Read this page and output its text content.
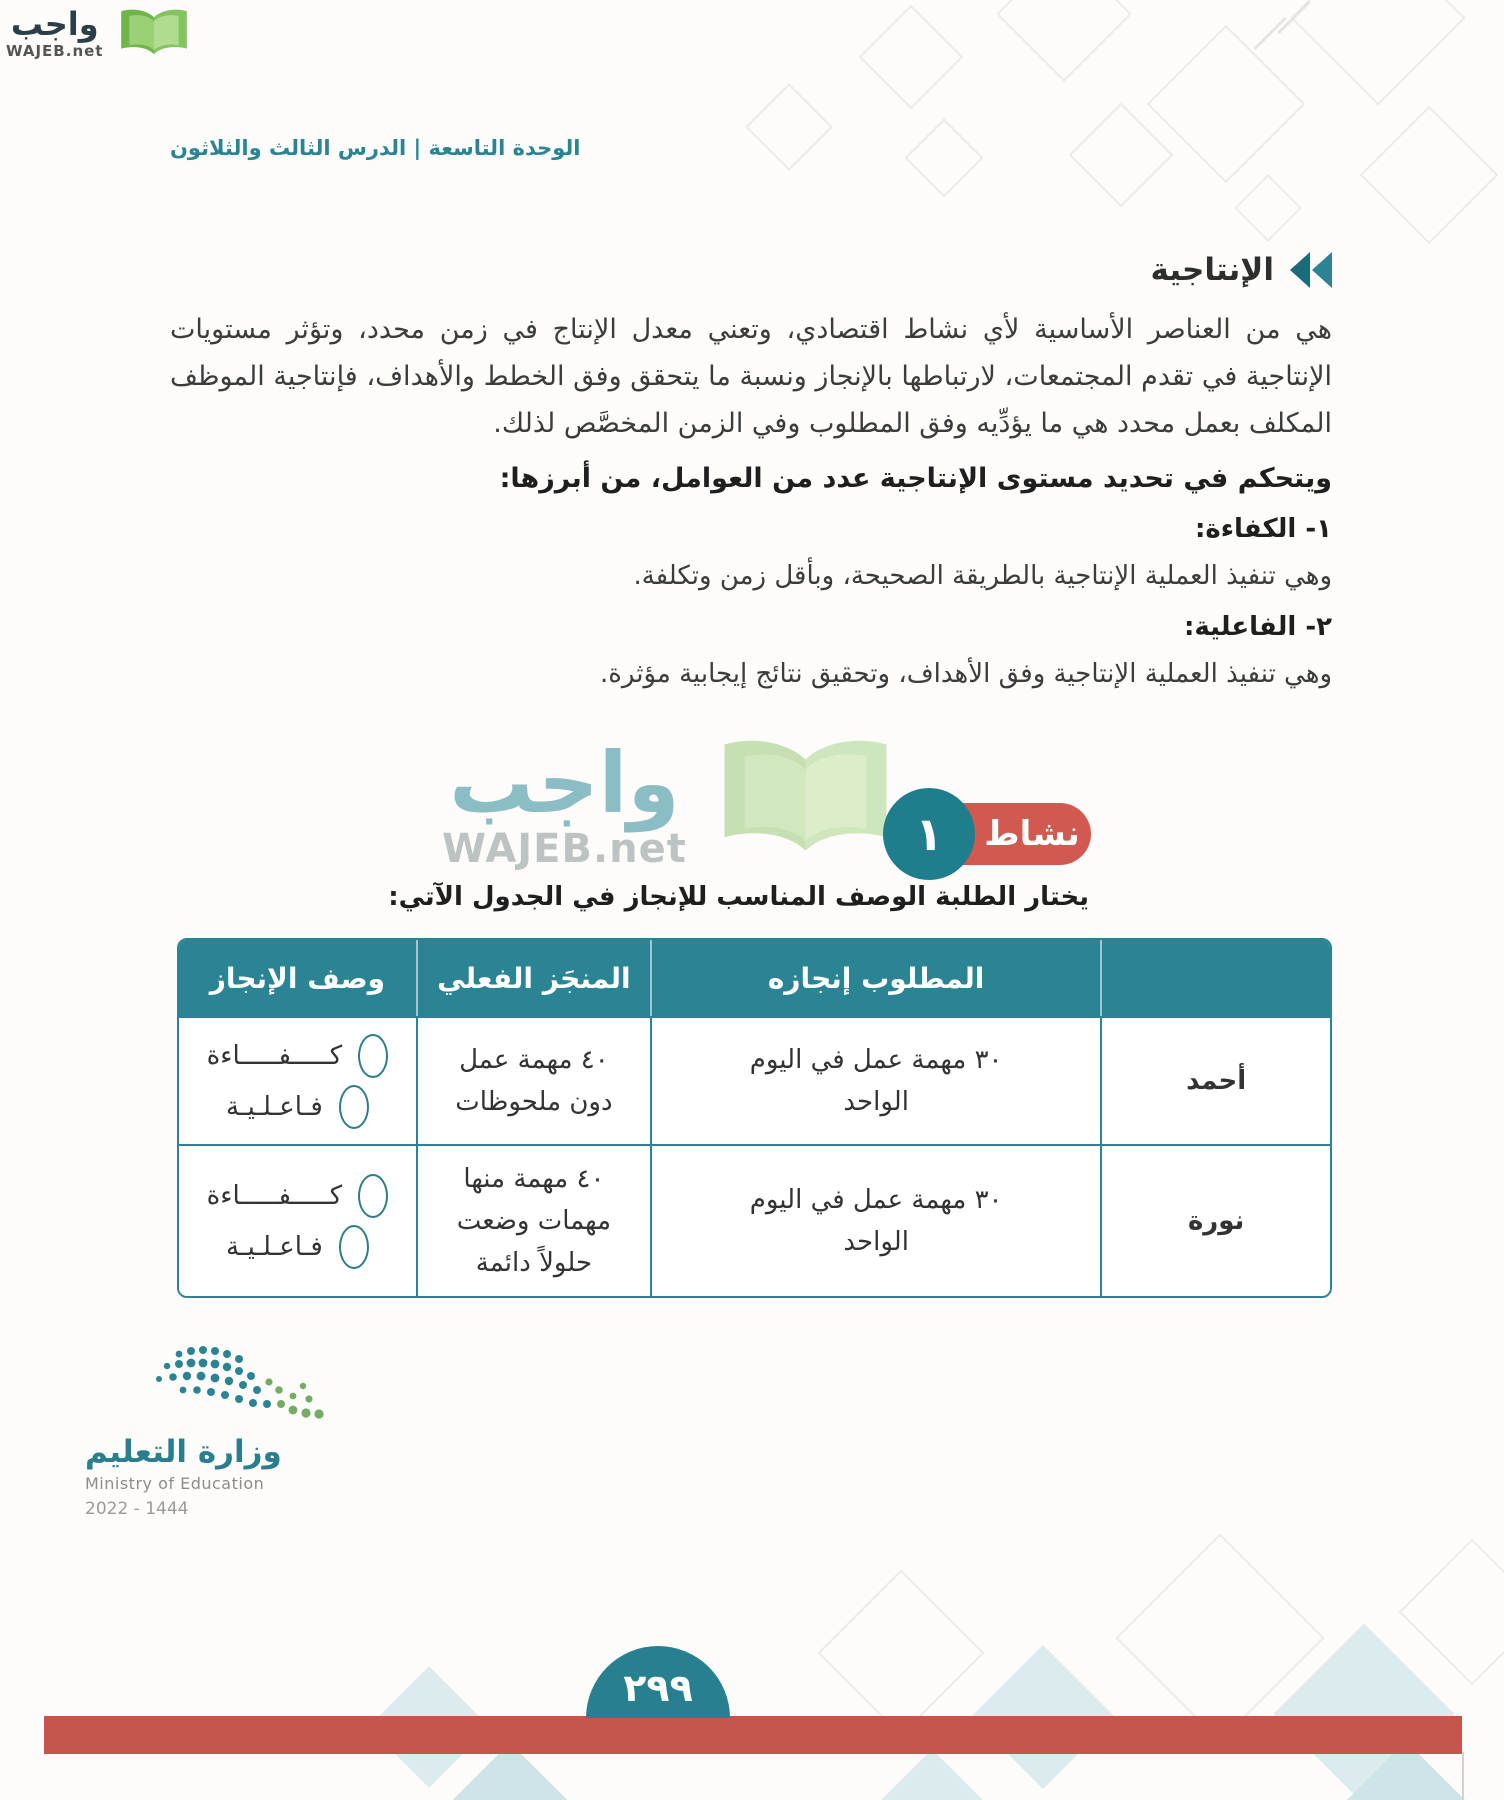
واجب
WAJEB.net
الوحدة التاسعة | الدرس الثالث والثلاثون
الإنتاجية

هي من العناصر الأساسية لأي نشاط اقتصادي، وتعني معدل الإنتاج في زمن محدد، وتؤثر مستويات الإنتاجية في تقدم المجتمعات، لارتباطها بالإنجاز ونسبة ما يتحقق وفق الخطط والأهداف، فإنتاجية الموظف المكلف بعمل محدد هي ما يؤدِّيه وفق المطلوب وفي الزمن المخصَّص لذلك.

ويتحكم في تحديد مستوى الإنتاجية عدد من العوامل، من أبرزها:

١- الكفاءة:

وهي تنفيذ العملية الإنتاجية بالطريقة الصحيحة، وبأقل زمن وتكلفة.

٢- الفاعلية:

وهي تنفيذ العملية الإنتاجية وفق الأهداف، وتحقيق نتائج إيجابية مؤثرة.

واجب
WAJEB.net	نشاط
١

يختار الطلبة الوصف المناسب للإنجاز في الجدول الآتي:

	المطلوب إنجازه	المنجَز الفعلي	وصف الإنجاز
أحمد	٣٠ مهمة عمل في اليوم الواحد	٤٠ مهمة عمل دون ملحوظات	كـــــفـــــاءة
فـاعـلـيـة

نورة	٣٠ مهمة عمل في اليوم الواحد	٤٠ مهمة منها مهمات وضعت حلولاً دائمة	كـــــفـــــاءة
فـاعـلـيـة
وزارة التعليم
Ministry of Education
2022 - 1444
٢٩٩
